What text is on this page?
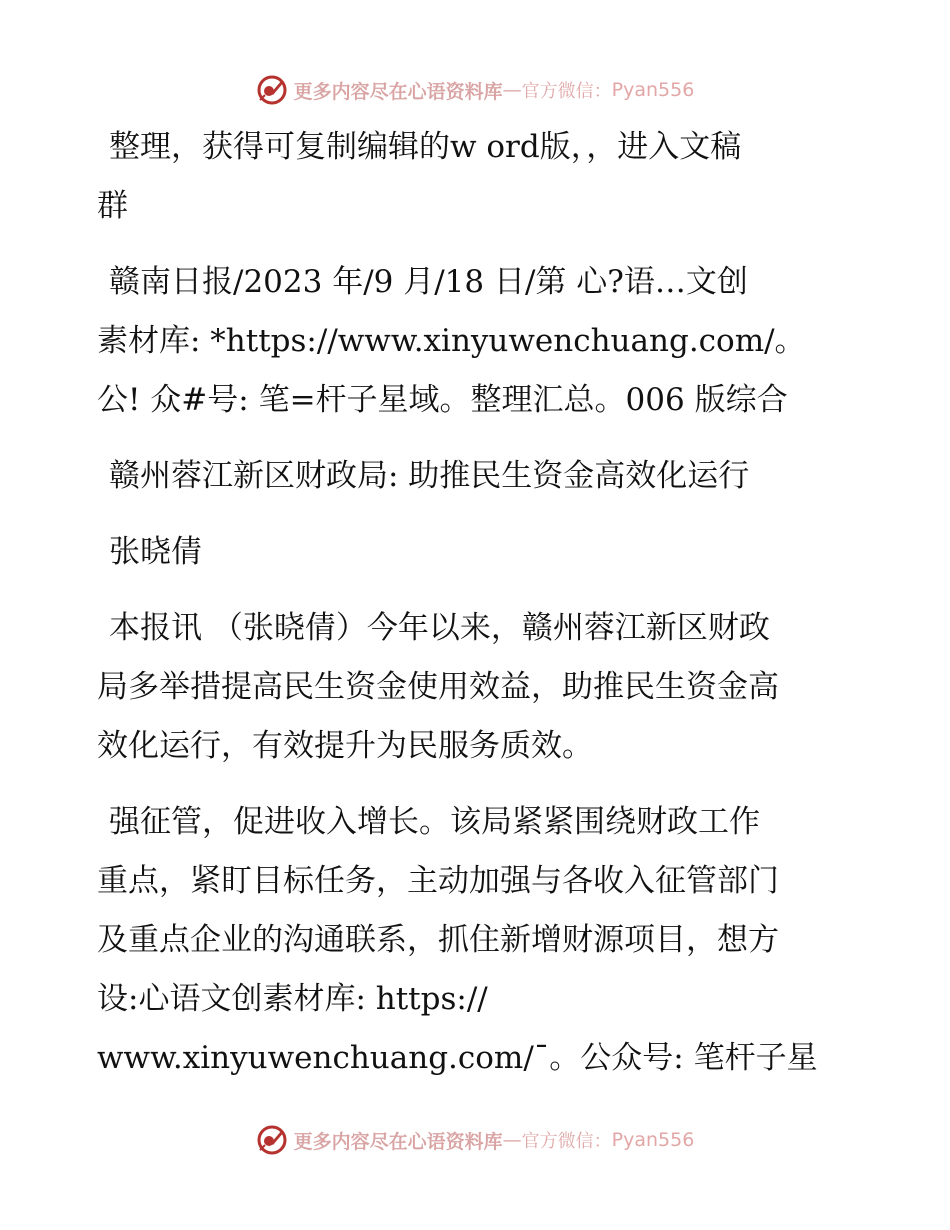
更多内容尽在心语资料库 — 官方微信： Pyan556
整理，获得可复制编辑的w ord版，，进入文稿
群
赣南日报/2023 年/9 月/18 日/第 心?语…文创
素材库: *https://www.xinyuwenchuang.com/。
公! 众#号: 笔=杆子星域。整理汇总。006 版综合
赣州蓉江新区财政局: 助推民生资金高效化运行
张晓倩
本报讯 （张晓倩）今年以来，赣州蓉江新区财政
局多举措提高民生资金使用效益，助推民生资金高
效化运行，有效提升为民服务质效。
强征管，促进收入增长。该局紧紧围绕财政工作
重点，紧盯目标任务，主动加强与各收入征管部门
及重点企业的沟通联系，抓住新增财源项目，想方
设:心语文创素材库: https://
www.xinyuwenchuang.com/¯。公众号: 笔杆子星
更多内容尽在心语资料库 — 官方微信： Pyan556
